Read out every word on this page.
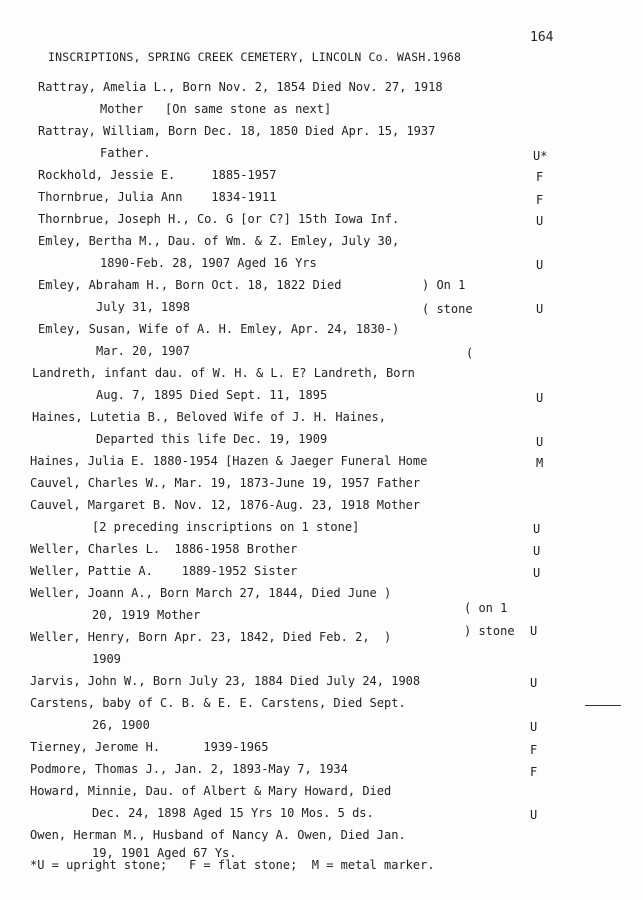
164
INSCRIPTIONS, SPRING CREEK CEMETERY, LINCOLN Co. WASH.1968
Rattray, Amelia L., Born Nov. 2, 1854 Died Nov. 27, 1918
Mother   [On same stone as next]
Rattray, William, Born Dec. 18, 1850 Died Apr. 15, 1937
Father.	U*
Rockhold, Jessie E.     1885-1957	F
Thornbrue, Julia Ann    1834-1911	F
Thornbrue, Joseph H., Co. G [or C?] 15th Iowa Inf.	U
Emley, Bertha M., Dau. of Wm. & Z. Emley, July 30,
1890-Feb. 28, 1907 Aged 16 Yrs	U
Emley, Abraham H., Born Oct. 18, 1822 Died	) On 1
July 31, 1898	( stone	U
Emley, Susan, Wife of A. H. Emley, Apr. 24, 1830-)
Mar. 20, 1907	(
Landreth, infant dau. of W. H. & L. E? Landreth, Born
Aug. 7, 1895 Died Sept. 11, 1895	U
Haines, Lutetia B., Beloved Wife of J. H. Haines,
Departed this life Dec. 19, 1909	U
Haines, Julia E. 1880-1954 [Hazen & Jaeger Funeral Home	M
Cauvel, Charles W., Mar. 19, 1873-June 19, 1957 Father
Cauvel, Margaret B. Nov. 12, 1876-Aug. 23, 1918 Mother
[2 preceding inscriptions on 1 stone]	U
Weller, Charles L.  1886-1958 Brother	U
Weller, Pattie A.    1889-1952 Sister	U
Weller, Joann A., Born March 27, 1844, Died June )
20, 1919 Mother	( on 1
Weller, Henry, Born Apr. 23, 1842, Died Feb. 2,  )	) stone U
1909
Jarvis, John W., Born July 23, 1884 Died July 24, 1908	U
Carstens, baby of C. B. & E. E. Carstens, Died Sept.
26, 1900	U
Tierney, Jerome H.      1939-1965	F
Podmore, Thomas J., Jan. 2, 1893-May 7, 1934	F
Howard, Minnie, Dau. of Albert & Mary Howard, Died
Dec. 24, 1898 Aged 15 Yrs 10 Mos. 5 ds.	U
Owen, Herman M., Husband of Nancy A. Owen, Died Jan.
19, 1901 Aged 67 Ys.
*U = upright stone;   F = flat stone;  M = metal marker.
